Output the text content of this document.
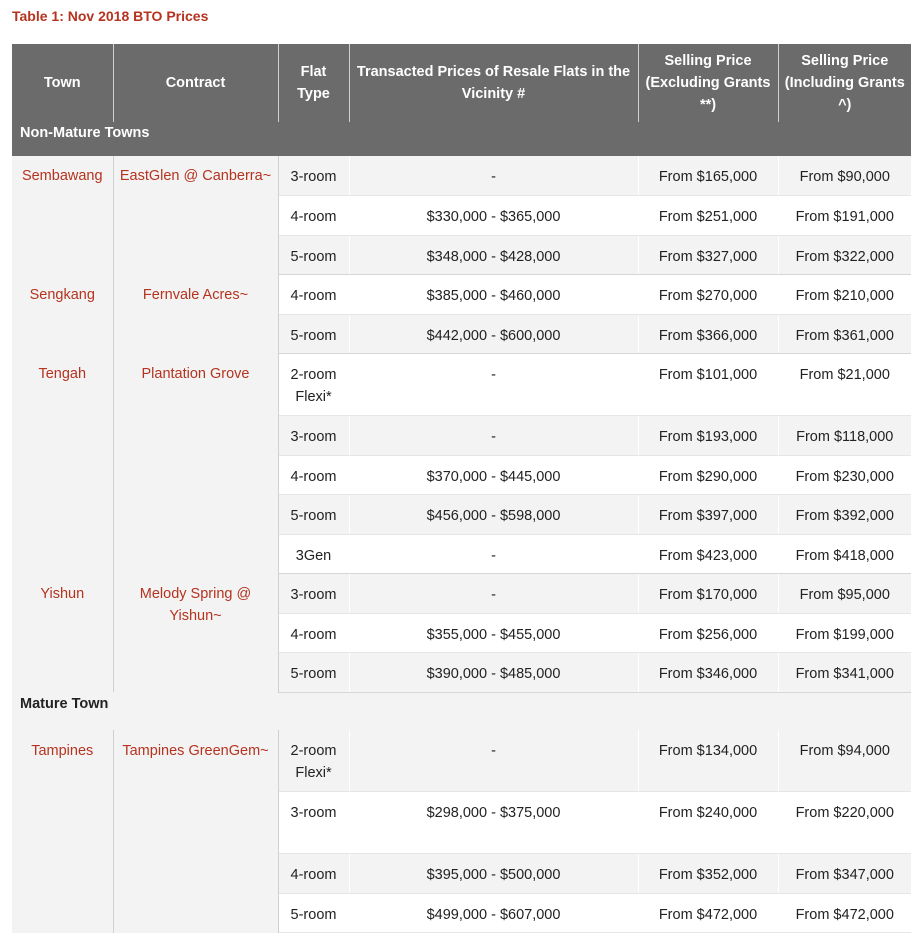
Table 1: Nov 2018 BTO Prices
Town	Contract	Flat Type	Transacted Prices of Resale Flats in the Vicinity #	Selling Price (Excluding Grants **)	Selling Price (Including Grants ^)
Non-Mature Towns					
Sembawang	EastGlen @ Canberra~	3-room	-	From $165,000	From $90,000
		4-room	$330,000 - $365,000	From $251,000	From $191,000
		5-room	$348,000 - $428,000	From $327,000	From $322,000
Sengkang	Fernvale Acres~	4-room	$385,000 - $460,000	From $270,000	From $210,000
		5-room	$442,000 - $600,000	From $366,000	From $361,000
Tengah	Plantation Grove	2-room Flexi*	-	From $101,000	From $21,000
		3-room	-	From $193,000	From $118,000
		4-room	$370,000 - $445,000	From $290,000	From $230,000
		5-room	$456,000 - $598,000	From $397,000	From $392,000
		3Gen	-	From $423,000	From $418,000
Yishun	Melody Spring @ Yishun~	3-room	-	From $170,000	From $95,000
		4-room	$355,000 - $455,000	From $256,000	From $199,000
		5-room	$390,000 - $485,000	From $346,000	From $341,000
Mature Town					
Tampines	Tampines GreenGem~	2-room Flexi*	-	From $134,000	From $94,000
		3-room	$298,000 - $375,000	From $240,000	From $220,000
		4-room	$395,000 - $500,000	From $352,000	From $347,000
		5-room	$499,000 - $607,000	From $472,000	From $472,000
